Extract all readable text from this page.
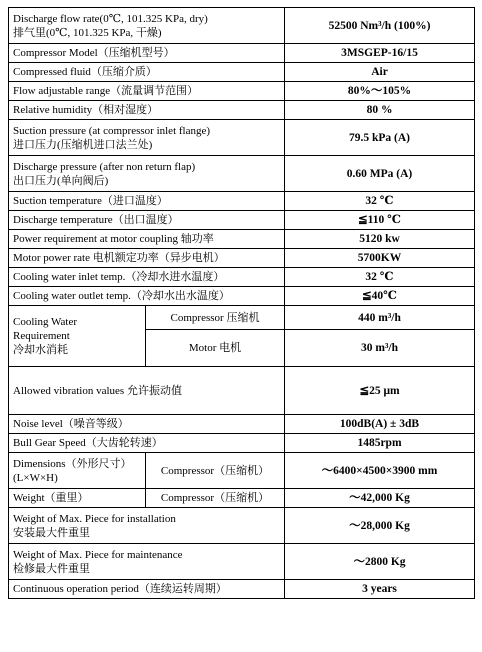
Discharge flow rate(0℃, 101.325 KPa, dry)
排气里(0℃, 101.325 KPa, 干燥)		52500 Nm³/h (100%)

Compressor Model（压缩机型号）		3MSGEP-16/15

Compressed fluid（压缩介质）		Air

Flow adjustable range（流量调节范围）		80%～105%

Relative humidity（相对湿度）		80 %

Suction pressure (at compressor inlet flange)
进口压力(压缩机进口法兰处)		79.5 kPa (A)

Discharge pressure (after non return flap)
出口压力(单向阀后)		0.60 MPa (A)

Suction temperature（进口温度）		32 ℃

Discharge temperature（出口温度）		≦110 ℃

Power requirement at motor coupling 轴功率		5120 kw

Motor power rate 电机额定功率（异步电机）		5700KW

Cooling water inlet temp.（冷却水进水温度）		32 ℃

Cooling water outlet temp.（冷却水出水温度）		≦40℃

Cooling Water
Requirement
冷却水消耗	Compressor 压缩机	440 m³/h
	Motor 电机	30 m³/h

Allowed vibration values 允许振动值		≦25 μm

Noise level（噪音等级）		100dB(A) ± 3dB

Bull Gear Speed（大齿轮转速）		1485rpm

Dimensions（外形尺寸）
(L×W×H)	Compressor（压缩机）	～6400×4500×3900 mm
Weight（重里）	Compressor（压缩机）	～42,000 Kg

Weight of Max. Piece for installation
安装最大件重里		～28,000 Kg

Weight of Max. Piece for maintenance
检修最大件重里		～2800 Kg

Continuous operation period（连续运转周期）		3 years
